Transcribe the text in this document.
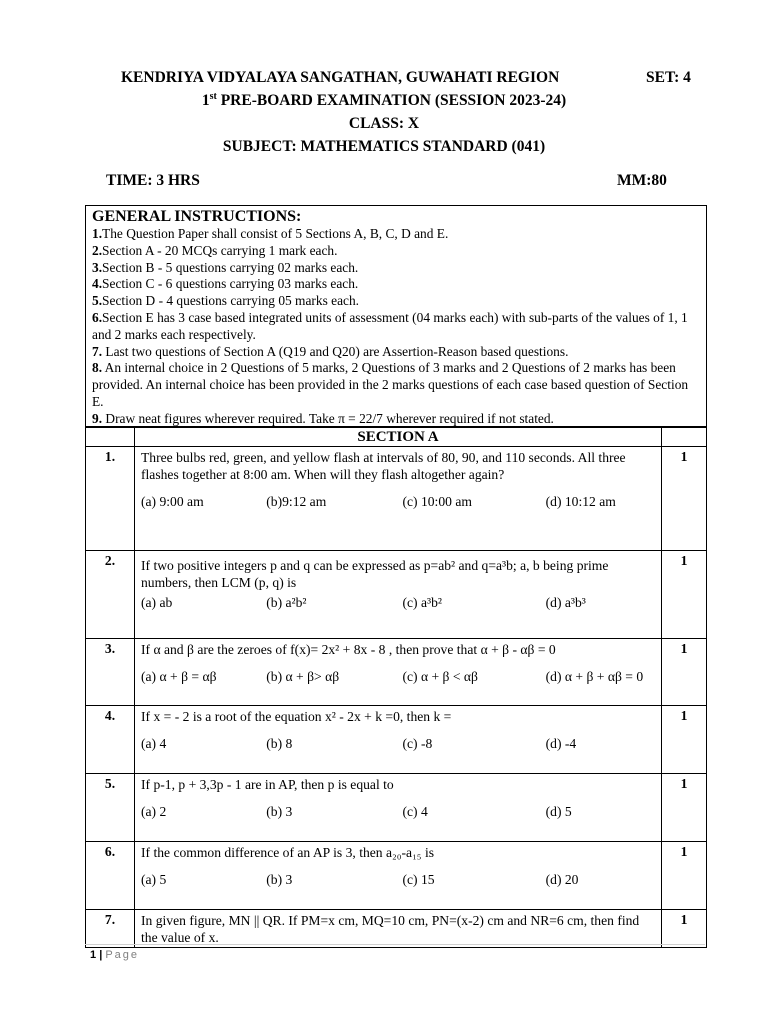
KENDRIYA VIDYALAYA SANGATHAN, GUWAHATI REGION	SET: 4
1st PRE-BOARD EXAMINATION (SESSION 2023-24)
CLASS: X
SUBJECT: MATHEMATICS STANDARD (041)
TIME: 3 HRS	MM:80
GENERAL INSTRUCTIONS:
1.The Question Paper shall consist of 5 Sections A, B, C, D and E.
2.Section A - 20 MCQs carrying 1 mark each.
3.Section B - 5 questions carrying 02 marks each.
4.Section C - 6 questions carrying 03 marks each.
5.Section D - 4 questions carrying 05 marks each.
6.Section E has 3 case based integrated units of assessment (04 marks each) with sub-parts of the values of 1, 1 and 2 marks each respectively.
7. Last two questions of Section A (Q19 and Q20) are Assertion-Reason based questions.
8. An internal choice in 2 Questions of 5 marks, 2 Questions of 3 marks and 2 Questions of 2 marks has been provided. An internal choice has been provided in the 2 marks questions of each case based question of Section E.
9. Draw neat figures wherever required. Take π = 22/7 wherever required if not stated.
	SECTION A	
1.	Three bulbs red, green, and yellow flash at intervals of 80, 90, and 110 seconds. All three flashes together at 8:00 am. When will they flash altogether again?
(a) 9:00 am (b)9:12 am (c) 10:00 am (d) 10:12 am	1
2.	If two positive integers p and q can be expressed as p=ab² and q=a³b; a, b being prime numbers, then LCM (p, q) is
(a) ab (b) a²b² (c) a³b² (d) a³b³	1
3.	If α and β are the zeroes of f(x)= 2x² + 8x - 8 , then prove that α + β - αβ = 0
(a) α + β = αβ (b) α + β> αβ (c) α + β < αβ (d) α + β + αβ = 0	1
4.	If x = - 2 is a root of the equation x² - 2x + k =0, then k =
(a) 4 (b) 8 (c) -8 (d) -4	1
5.	If p-1, p + 3,3p - 1 are in AP, then p is equal to
(a) 2 (b) 3 (c) 4 (d) 5	1
6.	If the common difference of an AP is 3, then a₂₀-a₁₅ is
(a) 5 (b) 3 (c) 15 (d) 20	1
7.	In given figure, MN || QR. If PM=x cm, MQ=10 cm, PN=(x-2) cm and NR=6 cm, then find the value of x.	1
1 | Page
